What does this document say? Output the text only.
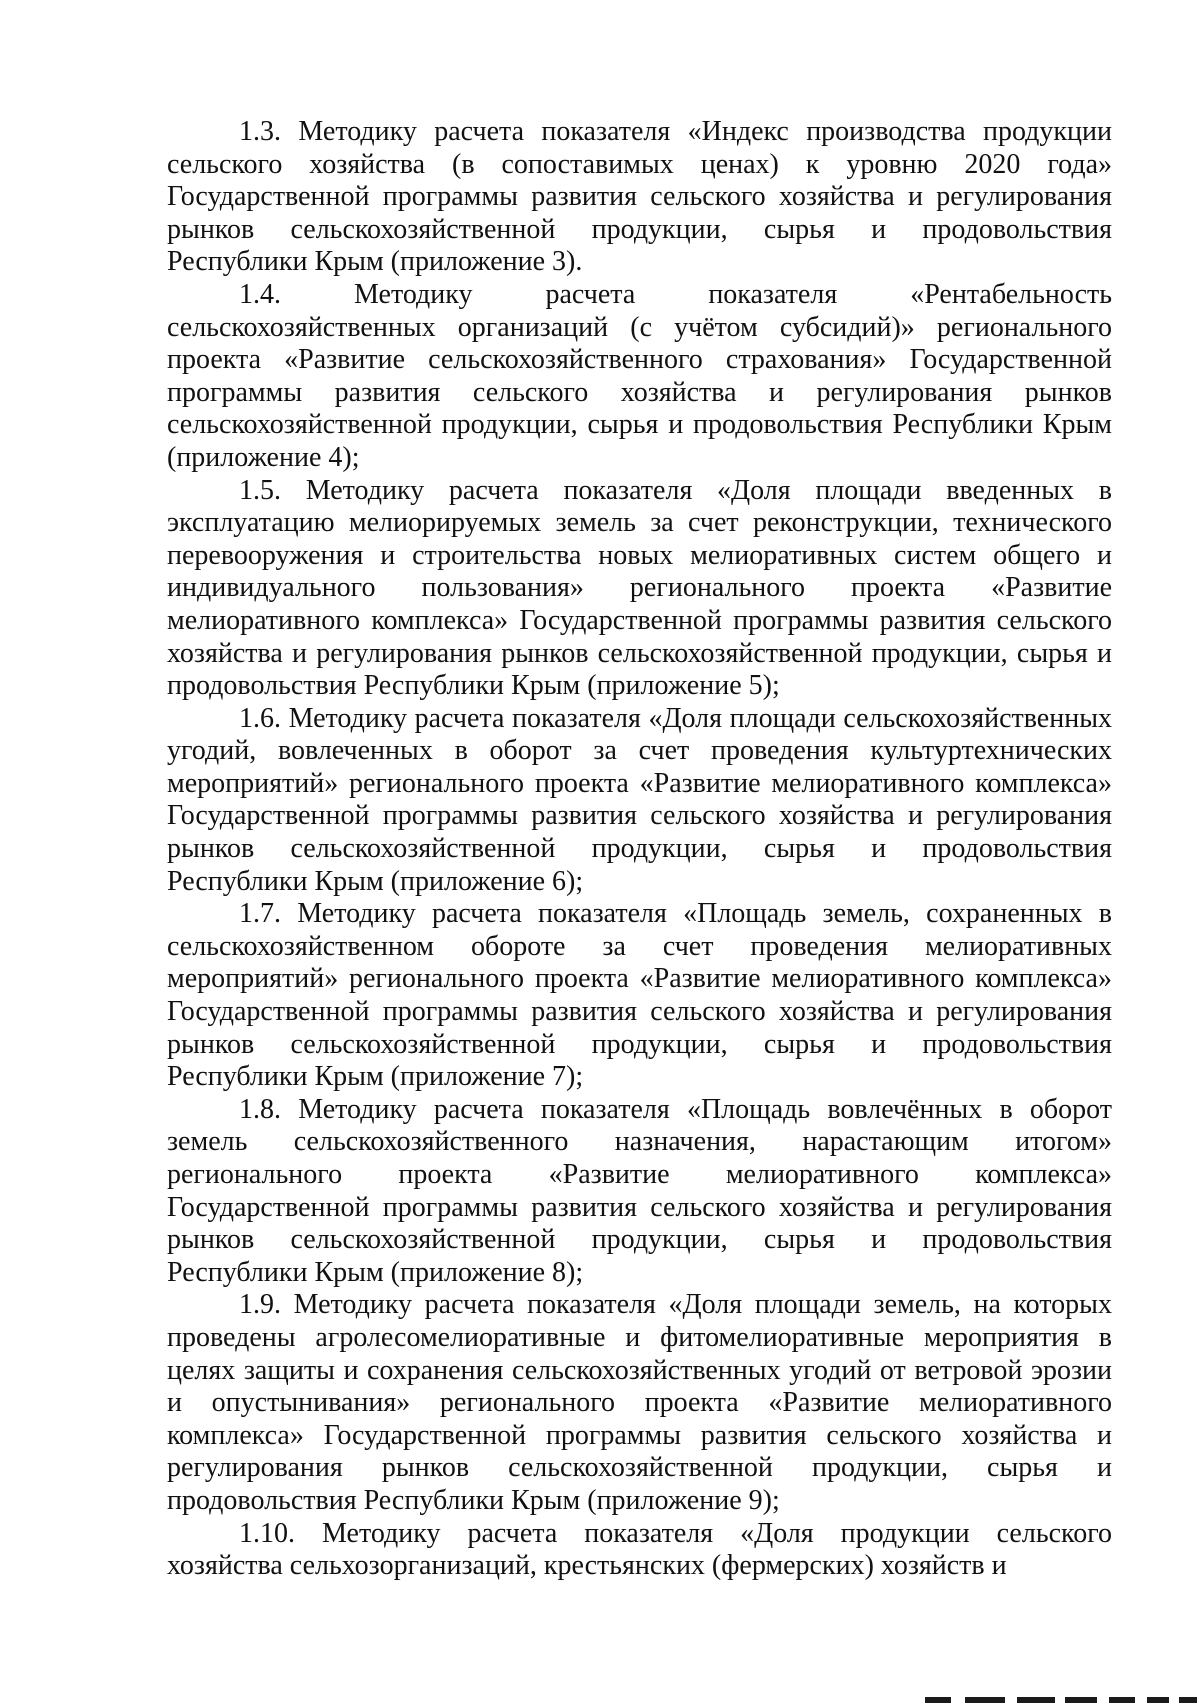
1.3. Методику расчета показателя «Индекс производства продукции сельского хозяйства (в сопоставимых ценах) к уровню 2020 года» Государственной программы развития сельского хозяйства и регулирования рынков сельскохозяйственной продукции, сырья и продовольствия Республики Крым (приложение 3).

1.4. Методику расчета показателя «Рентабельность сельскохозяйственных организаций (с учётом субсидий)» регионального проекта «Развитие сельскохозяйственного страхования» Государственной программы развития сельского хозяйства и регулирования рынков сельскохозяйственной продукции, сырья и продовольствия Республики Крым (приложение 4);

1.5. Методику расчета показателя «Доля площади введенных в эксплуатацию мелиорируемых земель за счет реконструкции, технического перевооружения и строительства новых мелиоративных систем общего и индивидуального пользования» регионального проекта «Развитие мелиоративного комплекса» Государственной программы развития сельского хозяйства и регулирования рынков сельскохозяйственной продукции, сырья и продовольствия Республики Крым (приложение 5);

1.6. Методику расчета показателя «Доля площади сельскохозяйственных угодий, вовлеченных в оборот за счет проведения культуртехнических мероприятий» регионального проекта «Развитие мелиоративного комплекса» Государственной программы развития сельского хозяйства и регулирования рынков сельскохозяйственной продукции, сырья и продовольствия Республики Крым (приложение 6);

1.7. Методику расчета показателя «Площадь земель, сохраненных в сельскохозяйственном обороте за счет проведения мелиоративных мероприятий» регионального проекта «Развитие мелиоративного комплекса» Государственной программы развития сельского хозяйства и регулирования рынков сельскохозяйственной продукции, сырья и продовольствия Республики Крым (приложение 7);

1.8. Методику расчета показателя «Площадь вовлечённых в оборот земель сельскохозяйственного назначения, нарастающим итогом» регионального проекта «Развитие мелиоративного комплекса» Государственной программы развития сельского хозяйства и регулирования рынков сельскохозяйственной продукции, сырья и продовольствия Республики Крым (приложение 8);

1.9. Методику расчета показателя «Доля площади земель, на которых проведены агролесомелиоративные и фитомелиоративные мероприятия в целях защиты и сохранения сельскохозяйственных угодий от ветровой эрозии и опустынивания» регионального проекта «Развитие мелиоративного комплекса» Государственной программы развития сельского хозяйства и регулирования рынков сельскохозяйственной продукции, сырья и продовольствия Республики Крым (приложение 9);

1.10. Методику расчета показателя «Доля продукции сельского хозяйства сельхозорганизаций, крестьянских (фермерских) хозяйств и
